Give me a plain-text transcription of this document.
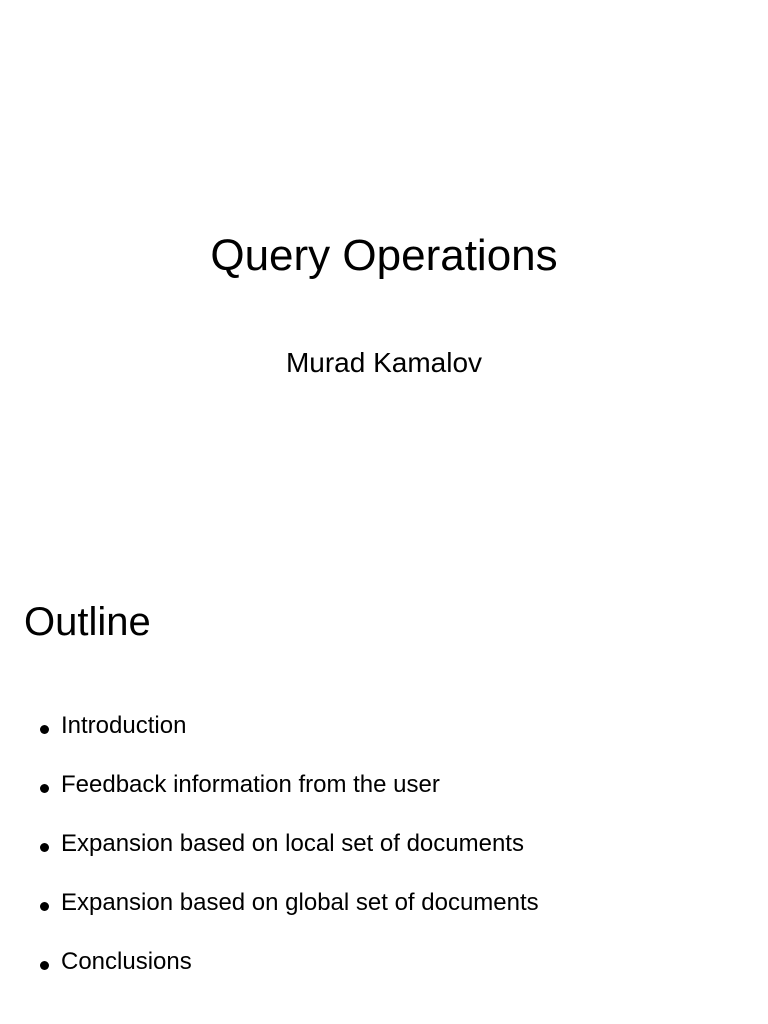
Query Operations

Murad Kamalov

Outline
Introduction
Feedback information from the user
Expansion based on local set of documents
Expansion based on global set of documents
Conclusions
